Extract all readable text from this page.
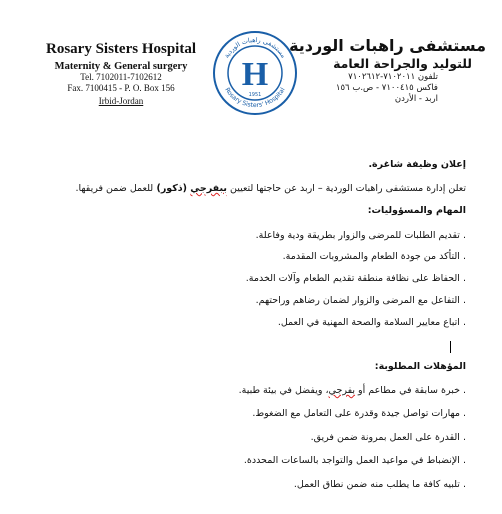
Rosary Sisters Hospital
Maternity & General surgery
Tel. 7102011-7102612
Fax. 7100415 - P. O. Box 156
Irbid-Jordan
H
1951
Rosary Sisters' Hospital
مستشفى راهبات الوردية
مستشفى راهبات الوردية
للتوليد والجراحة العامة
تلفون ٧١٠٢٠١١-٧١٠٢٦١٢
فاكس ٧١٠٠٤١٥ - ص.ب ١٥٦
اربد - الأردن
إعلان وظيفة شاغرة.
تعلن إدارة مستشفى راهبات الوردية – اربد عن حاجتها لتعيين ببفرجي (ذكور) للعمل ضمن فريقها.
المهام والمسؤوليات:
. تقديم الطلبات للمرضى والزوار بطريقة ودية وفاعلة.
. التأكد من جودة الطعام والمشروبات المقدمة.
. الحفاظ على نظافة منطقة تقديم الطعام وآلات الخدمة.
. التفاعل مع المرضى والزوار لضمان رضاهم وراحتهم.
. اتباع معايير السلامة والصحة المهنية في العمل.
المؤهلات المطلوبة:
. خبرة سابقة في مطاعم أو بفرجي، ويفضل في بيئة طبية.
. مهارات تواصل جيدة وقدرة على التعامل مع الضغوط.
. القدرة على العمل بمرونة ضمن فريق.
. الإنضباط في مواعيد العمل والتواجد بالساعات المحددة.
. تلبيه كافة ما يطلب منه ضمن نطاق العمل.
